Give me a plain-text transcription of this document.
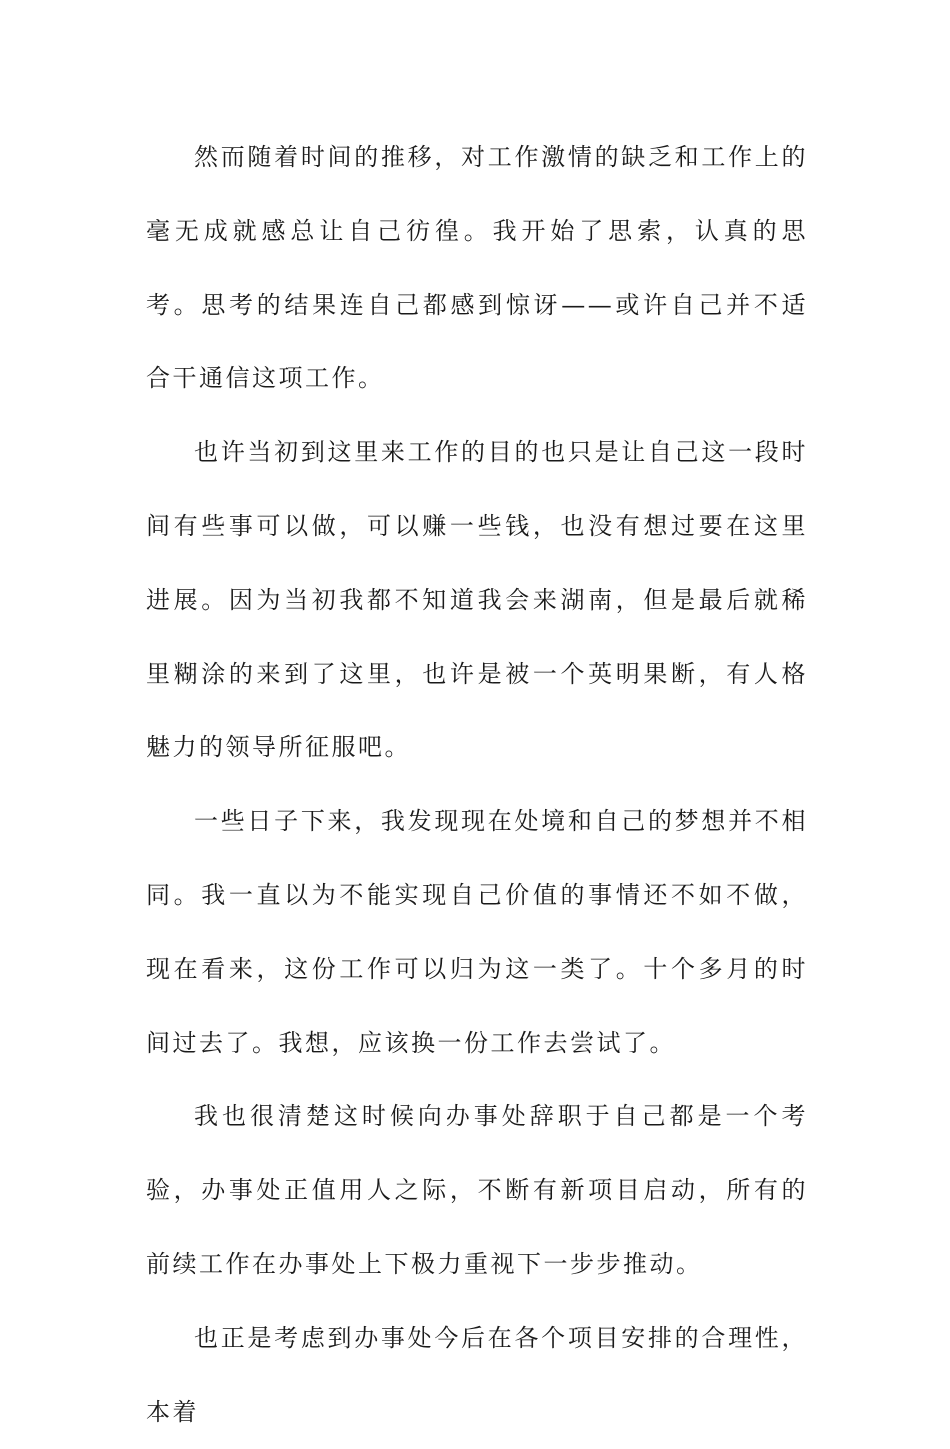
然而随着时间的推移，对工作激情的缺乏和工作上的毫无成就感总让自己彷徨。我开始了思索，认真的思考。思考的结果连自己都感到惊讶——或许自己并不适合干通信这项工作。

也许当初到这里来工作的目的也只是让自己这一段时间有些事可以做，可以赚一些钱，也没有想过要在这里进展。因为当初我都不知道我会来湖南，但是最后就稀里糊涂的来到了这里，也许是被一个英明果断，有人格魅力的领导所征服吧。

一些日子下来，我发现现在处境和自己的梦想并不相同。我一直以为不能实现自己价值的事情还不如不做，现在看来，这份工作可以归为这一类了。十个多月的时间过去了。我想，应该换一份工作去尝试了。

我也很清楚这时候向办事处辞职于自己都是一个考验，办事处正值用人之际，不断有新项目启动，所有的前续工作在办事处上下极力重视下一步步推动。

也正是考虑到办事处今后在各个项目安排的合理性，本着
